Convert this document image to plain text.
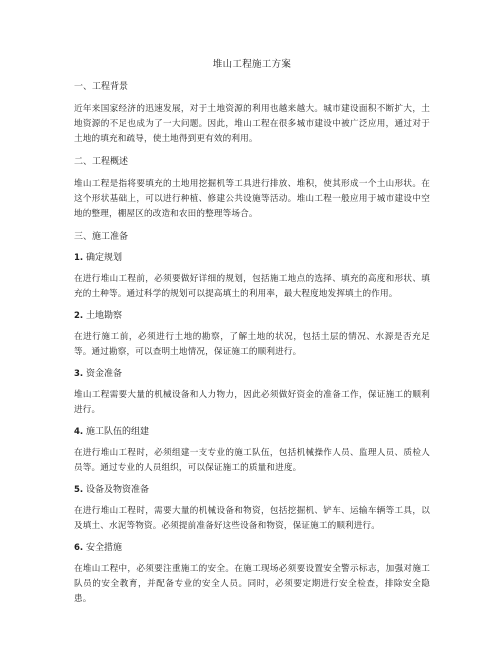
堆山工程施工方案
一、工程背景
近年来国家经济的迅速发展，对于土地资源的利用也越来越大。城市建设面积不断扩大，土地资源的不足也成为了一大问题。因此，堆山工程在很多城市建设中被广泛应用，通过对于土地的填充和疏导，使土地得到更有效的利用。
二、工程概述
堆山工程是指将要填充的土地用挖掘机等工具进行排放、堆积，使其形成一个土山形状。在这个形状基础上，可以进行种植、修建公共设施等活动。堆山工程一般应用于城市建设中空地的整理，棚屋区的改造和农田的整理等场合。
三、施工准备
1. 确定规划
在进行堆山工程前，必须要做好详细的规划，包括施工地点的选择、填充的高度和形状、填充的土种等。通过科学的规划可以提高填土的利用率，最大程度地发挥填土的作用。
2. 土地勘察
在进行施工前，必须进行土地的勘察，了解土地的状况，包括土层的情况、水源是否充足等。通过勘察，可以查明土地情况，保证施工的顺利进行。
3. 资金准备
堆山工程需要大量的机械设备和人力物力，因此必须做好资金的准备工作，保证施工的顺利进行。
4. 施工队伍的组建
在进行堆山工程时，必须组建一支专业的施工队伍，包括机械操作人员、监理人员、质检人员等。通过专业的人员组织，可以保证施工的质量和进度。
5. 设备及物资准备
在进行堆山工程时，需要大量的机械设备和物资，包括挖掘机、铲车、运输车辆等工具，以及填土、水泥等物资。必须提前准备好这些设备和物资，保证施工的顺利进行。
6. 安全措施
在堆山工程中，必须要注重施工的安全。在施工现场必须要设置安全警示标志，加强对施工队员的安全教育，并配备专业的安全人员。同时，必须要定期进行安全检查，排除安全隐患。
